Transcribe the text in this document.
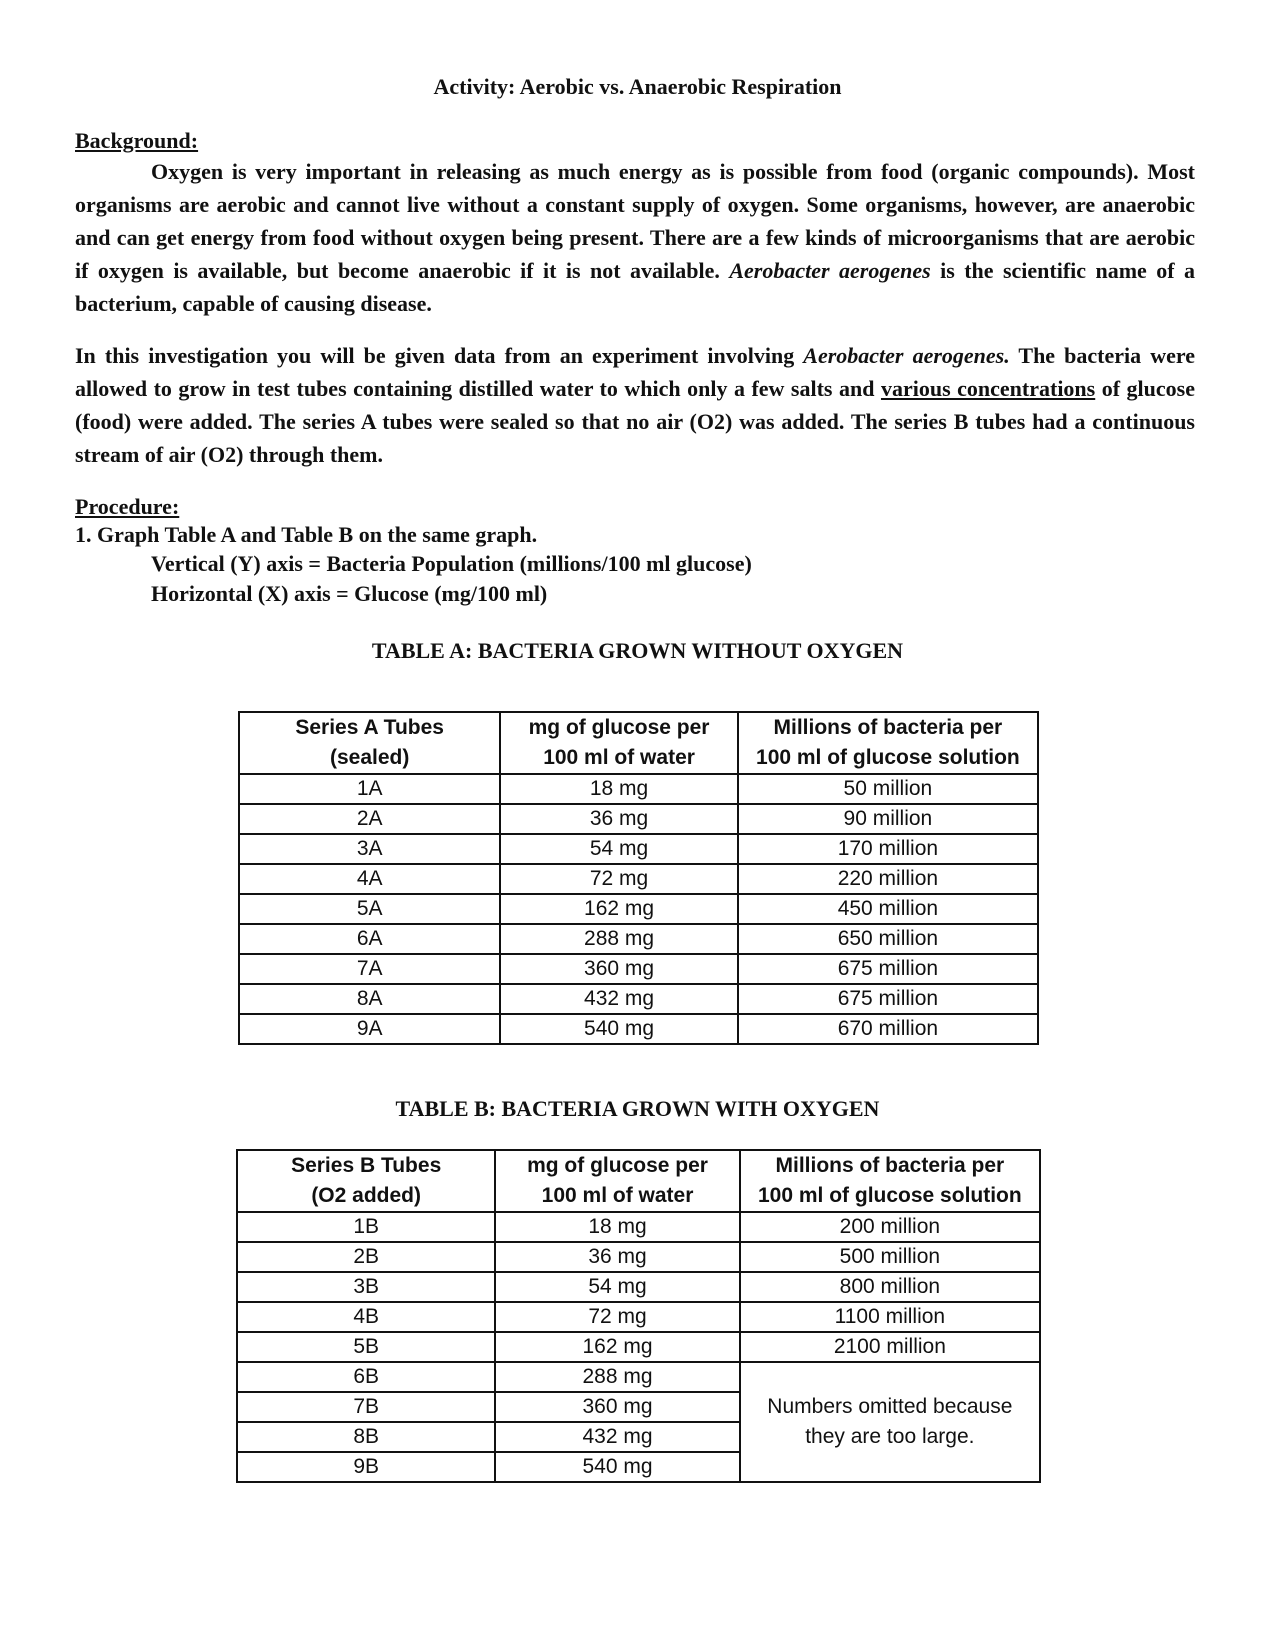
Activity: Aerobic vs. Anaerobic Respiration
Background:
Oxygen is very important in releasing as much energy as is possible from food (organic compounds). Most organisms are aerobic and cannot live without a constant supply of oxygen. Some organisms, however, are anaerobic and can get energy from food without oxygen being present. There are a few kinds of microorganisms that are aerobic if oxygen is available, but become anaerobic if it is not available. Aerobacter aerogenes is the scientific name of a bacterium, capable of causing disease.
In this investigation you will be given data from an experiment involving Aerobacter aerogenes. The bacteria were allowed to grow in test tubes containing distilled water to which only a few salts and various concentrations of glucose (food) were added. The series A tubes were sealed so that no air (O2) was added. The series B tubes had a continuous stream of air (O2) through them.
Procedure:
1. Graph Table A and Table B on the same graph.
Vertical (Y) axis = Bacteria Population (millions/100 ml glucose)
Horizontal (X) axis = Glucose (mg/100 ml)
TABLE A: BACTERIA GROWN WITHOUT OXYGEN
Series A Tubes
(sealed)	mg of glucose per
100 ml of water	Millions of bacteria per
100 ml of glucose solution
1A	18 mg	50 million
2A	36 mg	90 million
3A	54 mg	170 million
4A	72 mg	220 million
5A	162 mg	450 million
6A	288 mg	650 million
7A	360 mg	675 million
8A	432 mg	675 million
9A	540 mg	670 million
TABLE B: BACTERIA GROWN WITH OXYGEN
Series B Tubes
(O2 added)	mg of glucose per
100 ml of water	Millions of bacteria per
100 ml of glucose solution
1B	18 mg	200 million
2B	36 mg	500 million
3B	54 mg	800 million
4B	72 mg	1100 million
5B	162 mg	2100 million
6B	288 mg	Numbers omitted because
they are too large.
7B	360 mg	
8B	432 mg	
9B	540 mg	
